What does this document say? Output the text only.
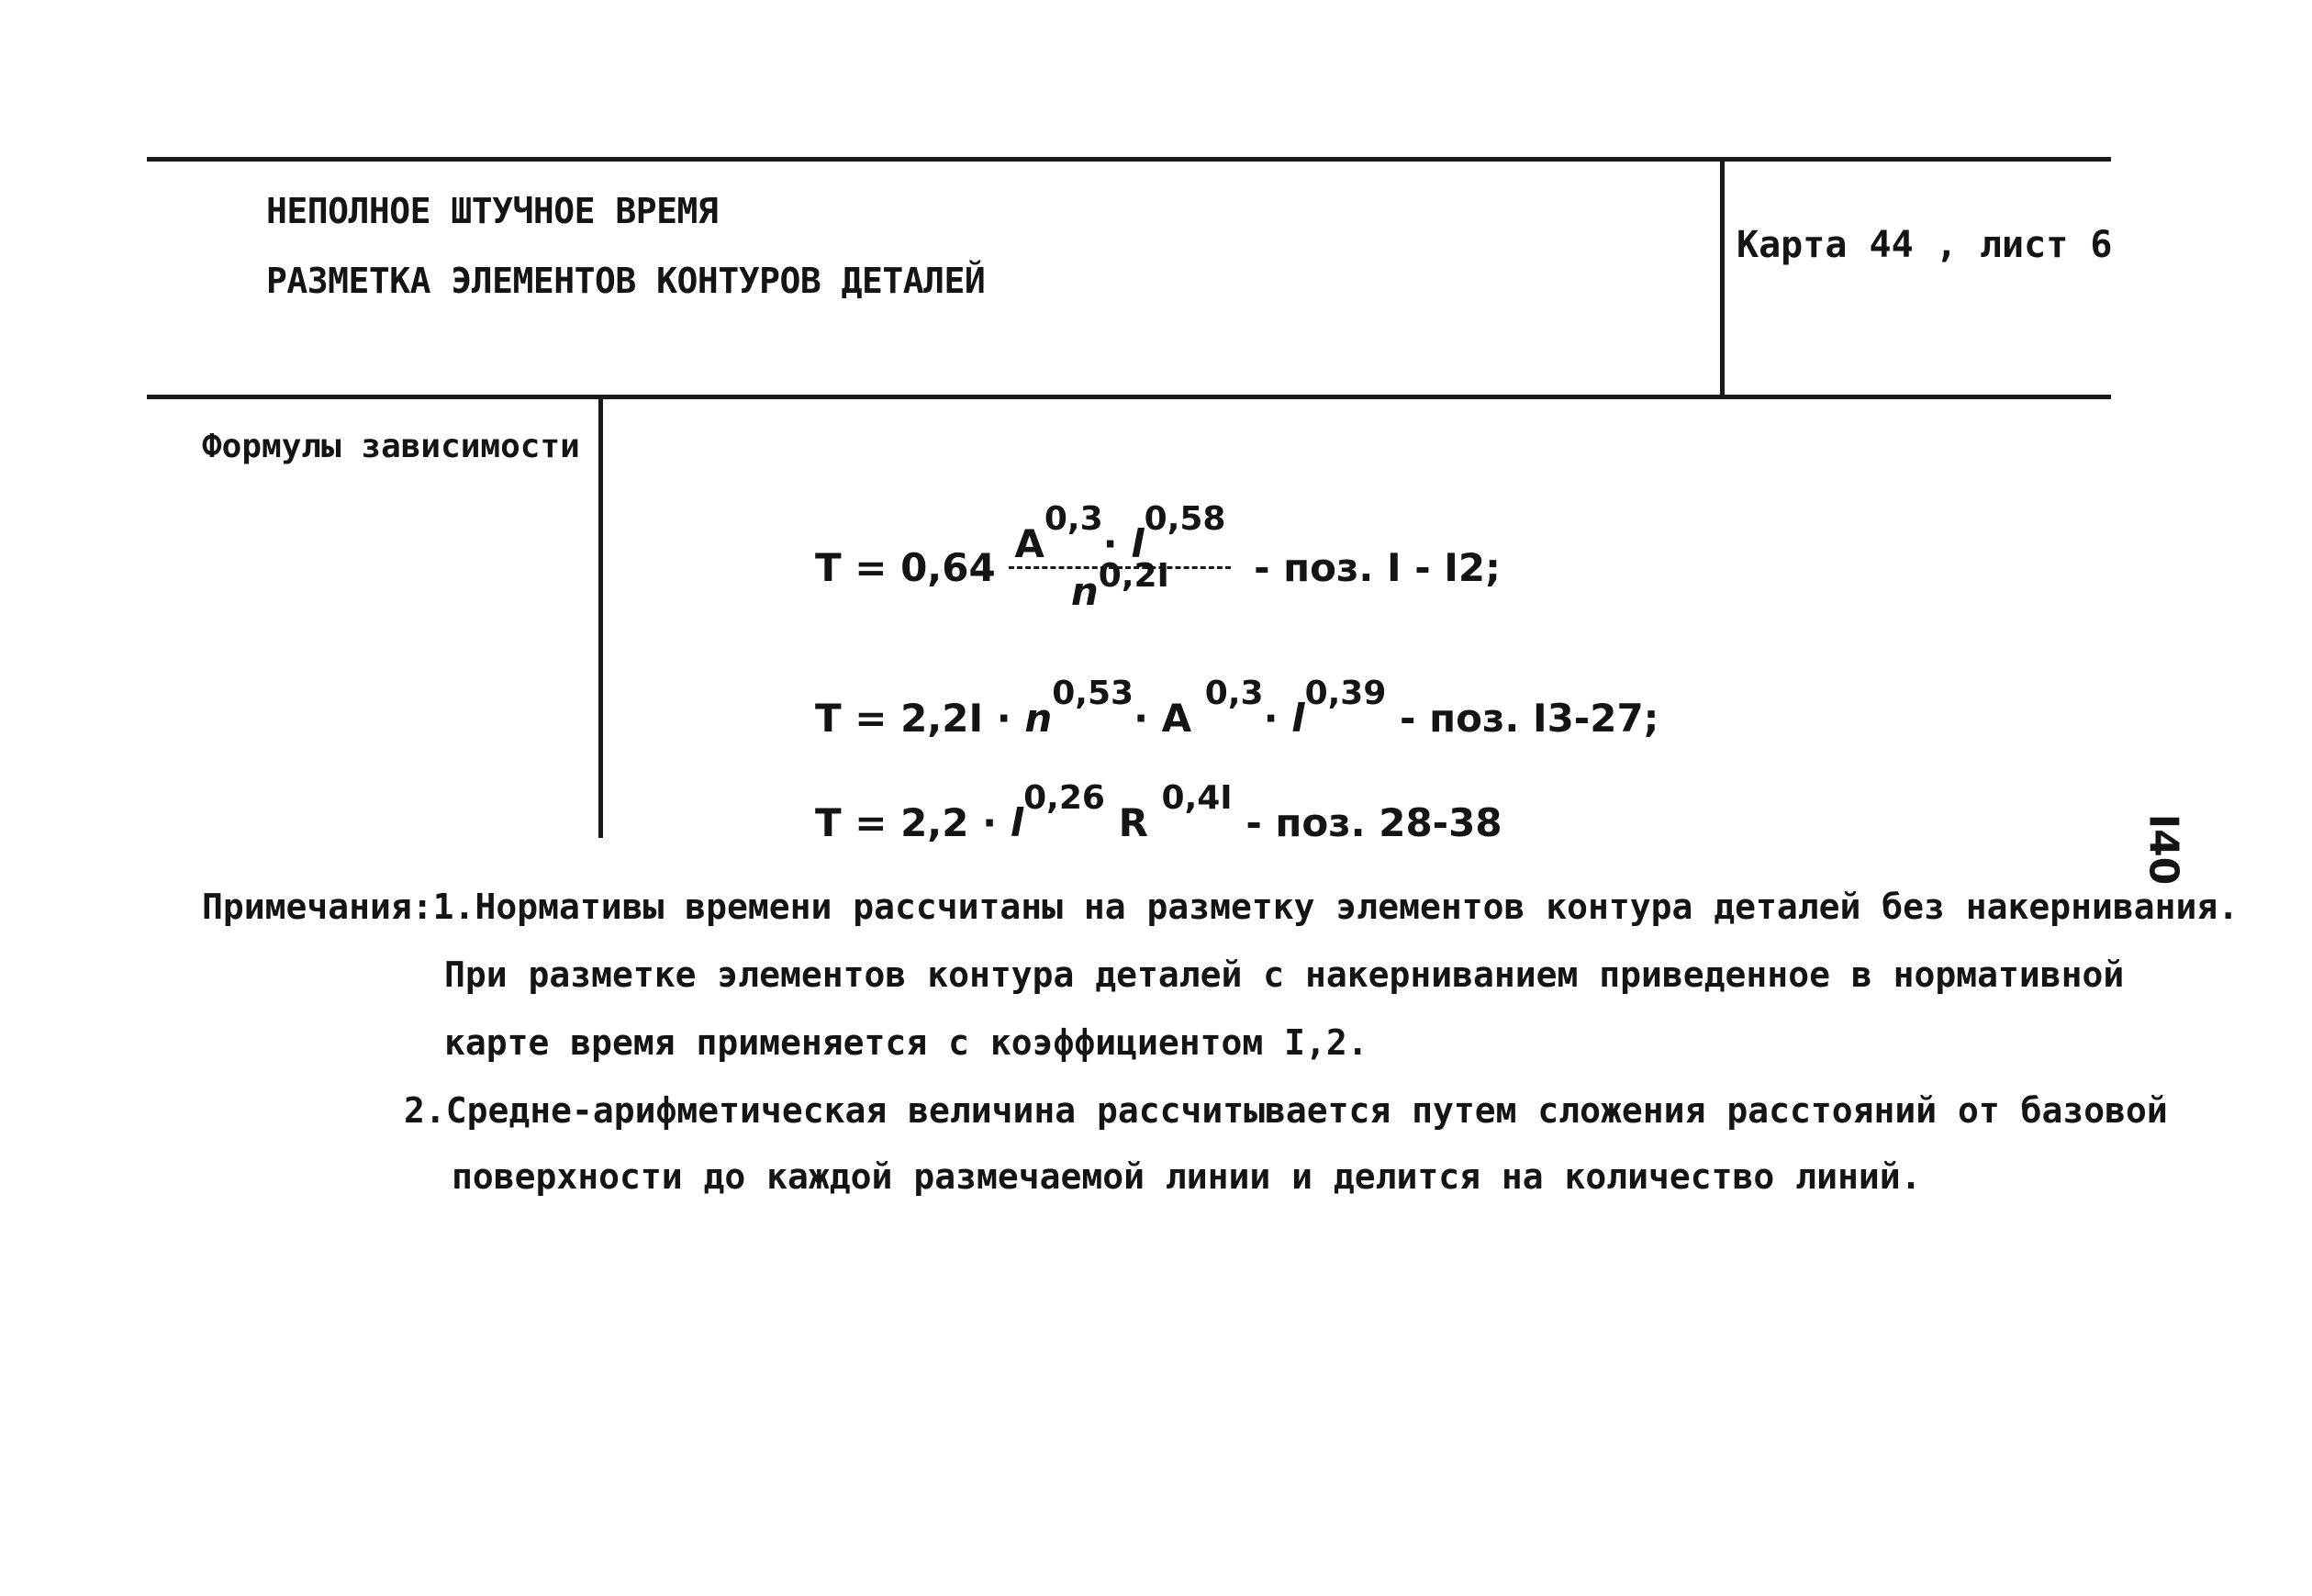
НЕПОЛНОЕ ШТУЧНОЕ ВРЕМЯ
РАЗМЕТКА ЭЛЕМЕНТОВ КОНТУРОВ ДЕТАЛЕЙ
Карта 44 , лист 6
Формулы зависимости
$Т = 0,64 \frac{A0,3\cdot l0,58}{n0,2I}$ - поз. I - I2;
Т = 2,2I · n0,53· A 0,3· l0,39 - поз. I3-27;
Т = 2,2 · l0,26 R 0,4I - поз. 28-38
Примечания:1.Нормативы времени рассчитаны на разметку элементов контура деталей без накернивания.
При разметке элементов контура деталей с накерниванием приведенное в нормативной
карте время применяется с коэффициентом I,2.
2.Средне-арифметическая величина рассчитывается путем сложения расстояний от базовой
поверхности до каждой размечаемой линии и делится на количество линий.
I40
